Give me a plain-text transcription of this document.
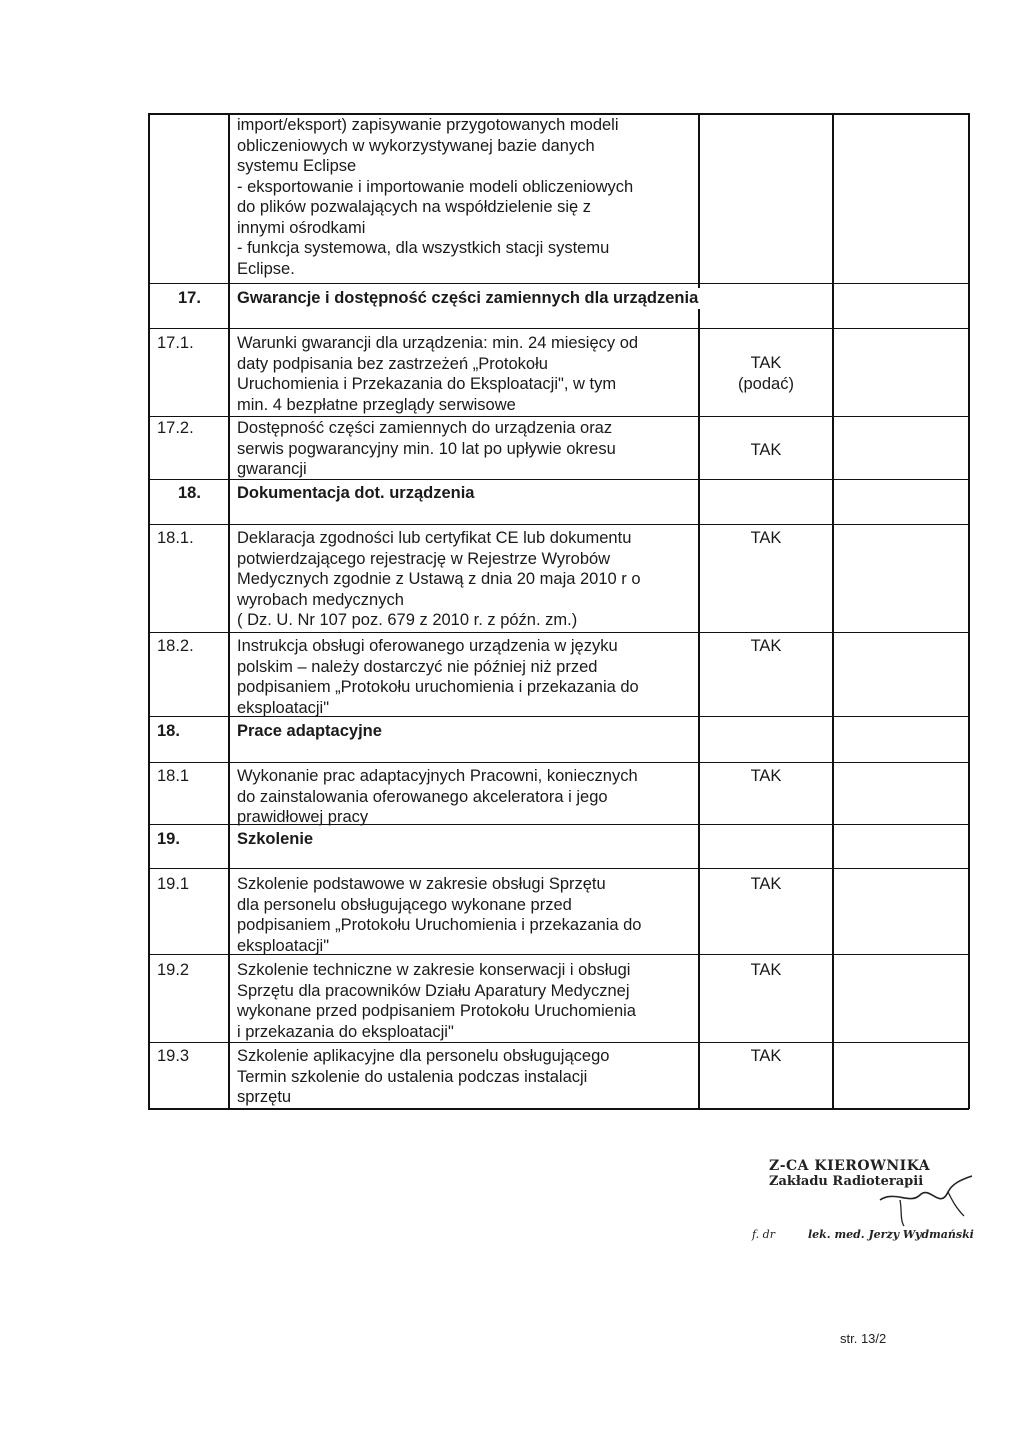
import/eksport) zapisywanie przygotowanych modeli
obliczeniowych w wykorzystywanej bazie danych
systemu Eclipse
- eksportowanie i importowanie modeli obliczeniowych
do plików pozwalających na współdzielenie się z
innymi ośrodkami
- funkcja systemowa, dla wszystkich stacji systemu
Eclipse.
17. Gwarancje i dostępność części zamiennych dla urządzenia
17.1.	Warunki gwarancji dla urządzenia: min. 24 miesięcy od
daty podpisania bez zastrzeżeń „Protokołu
Uruchomienia i Przekazania do Eksploatacji", w tym
min. 4 bezpłatne przeglądy serwisowe
TAK
(podać)
17.2.	Dostępność części zamiennych do urządzenia oraz
serwis pogwarancyjny min. 10 lat po upływie okresu
gwarancji
TAK
18. Dokumentacja dot. urządzenia
18.1.	Deklaracja zgodności lub certyfikat CE lub dokumentu
potwierdzającego rejestrację w Rejestrze Wyrobów
Medycznych zgodnie z Ustawą z dnia 20 maja 2010 r o
wyrobach medycznych
( Dz. U. Nr 107 poz. 679 z 2010 r. z późn. zm.)
TAK
18.2.	Instrukcja obsługi oferowanego urządzenia w języku
polskim – należy dostarczyć nie później niż przed
podpisaniem „Protokołu uruchomienia i przekazania do
eksploatacji"
TAK
18.	Prace adaptacyjne
18.1	Wykonanie prac adaptacyjnych Pracowni, koniecznych
do zainstalowania oferowanego akceleratora i jego
prawidłowej pracy
TAK
19.	Szkolenie
19.1	Szkolenie podstawowe w zakresie obsługi Sprzętu
dla personelu obsługującego wykonane przed
podpisaniem „Protokołu Uruchomienia i przekazania do
eksploatacji"
TAK
19.2	Szkolenie techniczne w zakresie konserwacji i obsługi
Sprzętu dla pracowników Działu Aparatury Medycznej
wykonane przed podpisaniem Protokołu Uruchomienia
i przekazania do eksploatacji"
TAK
19.3	Szkolenie aplikacyjne dla personelu obsługującego
Termin szkolenie do ustalenia podczas instalacji
sprzętu
TAK
Z-CA KIEROWNIKA
Zakładu Radioterapii
f. dr	lek. med. Jerzy Wydmański
str. 13/2
